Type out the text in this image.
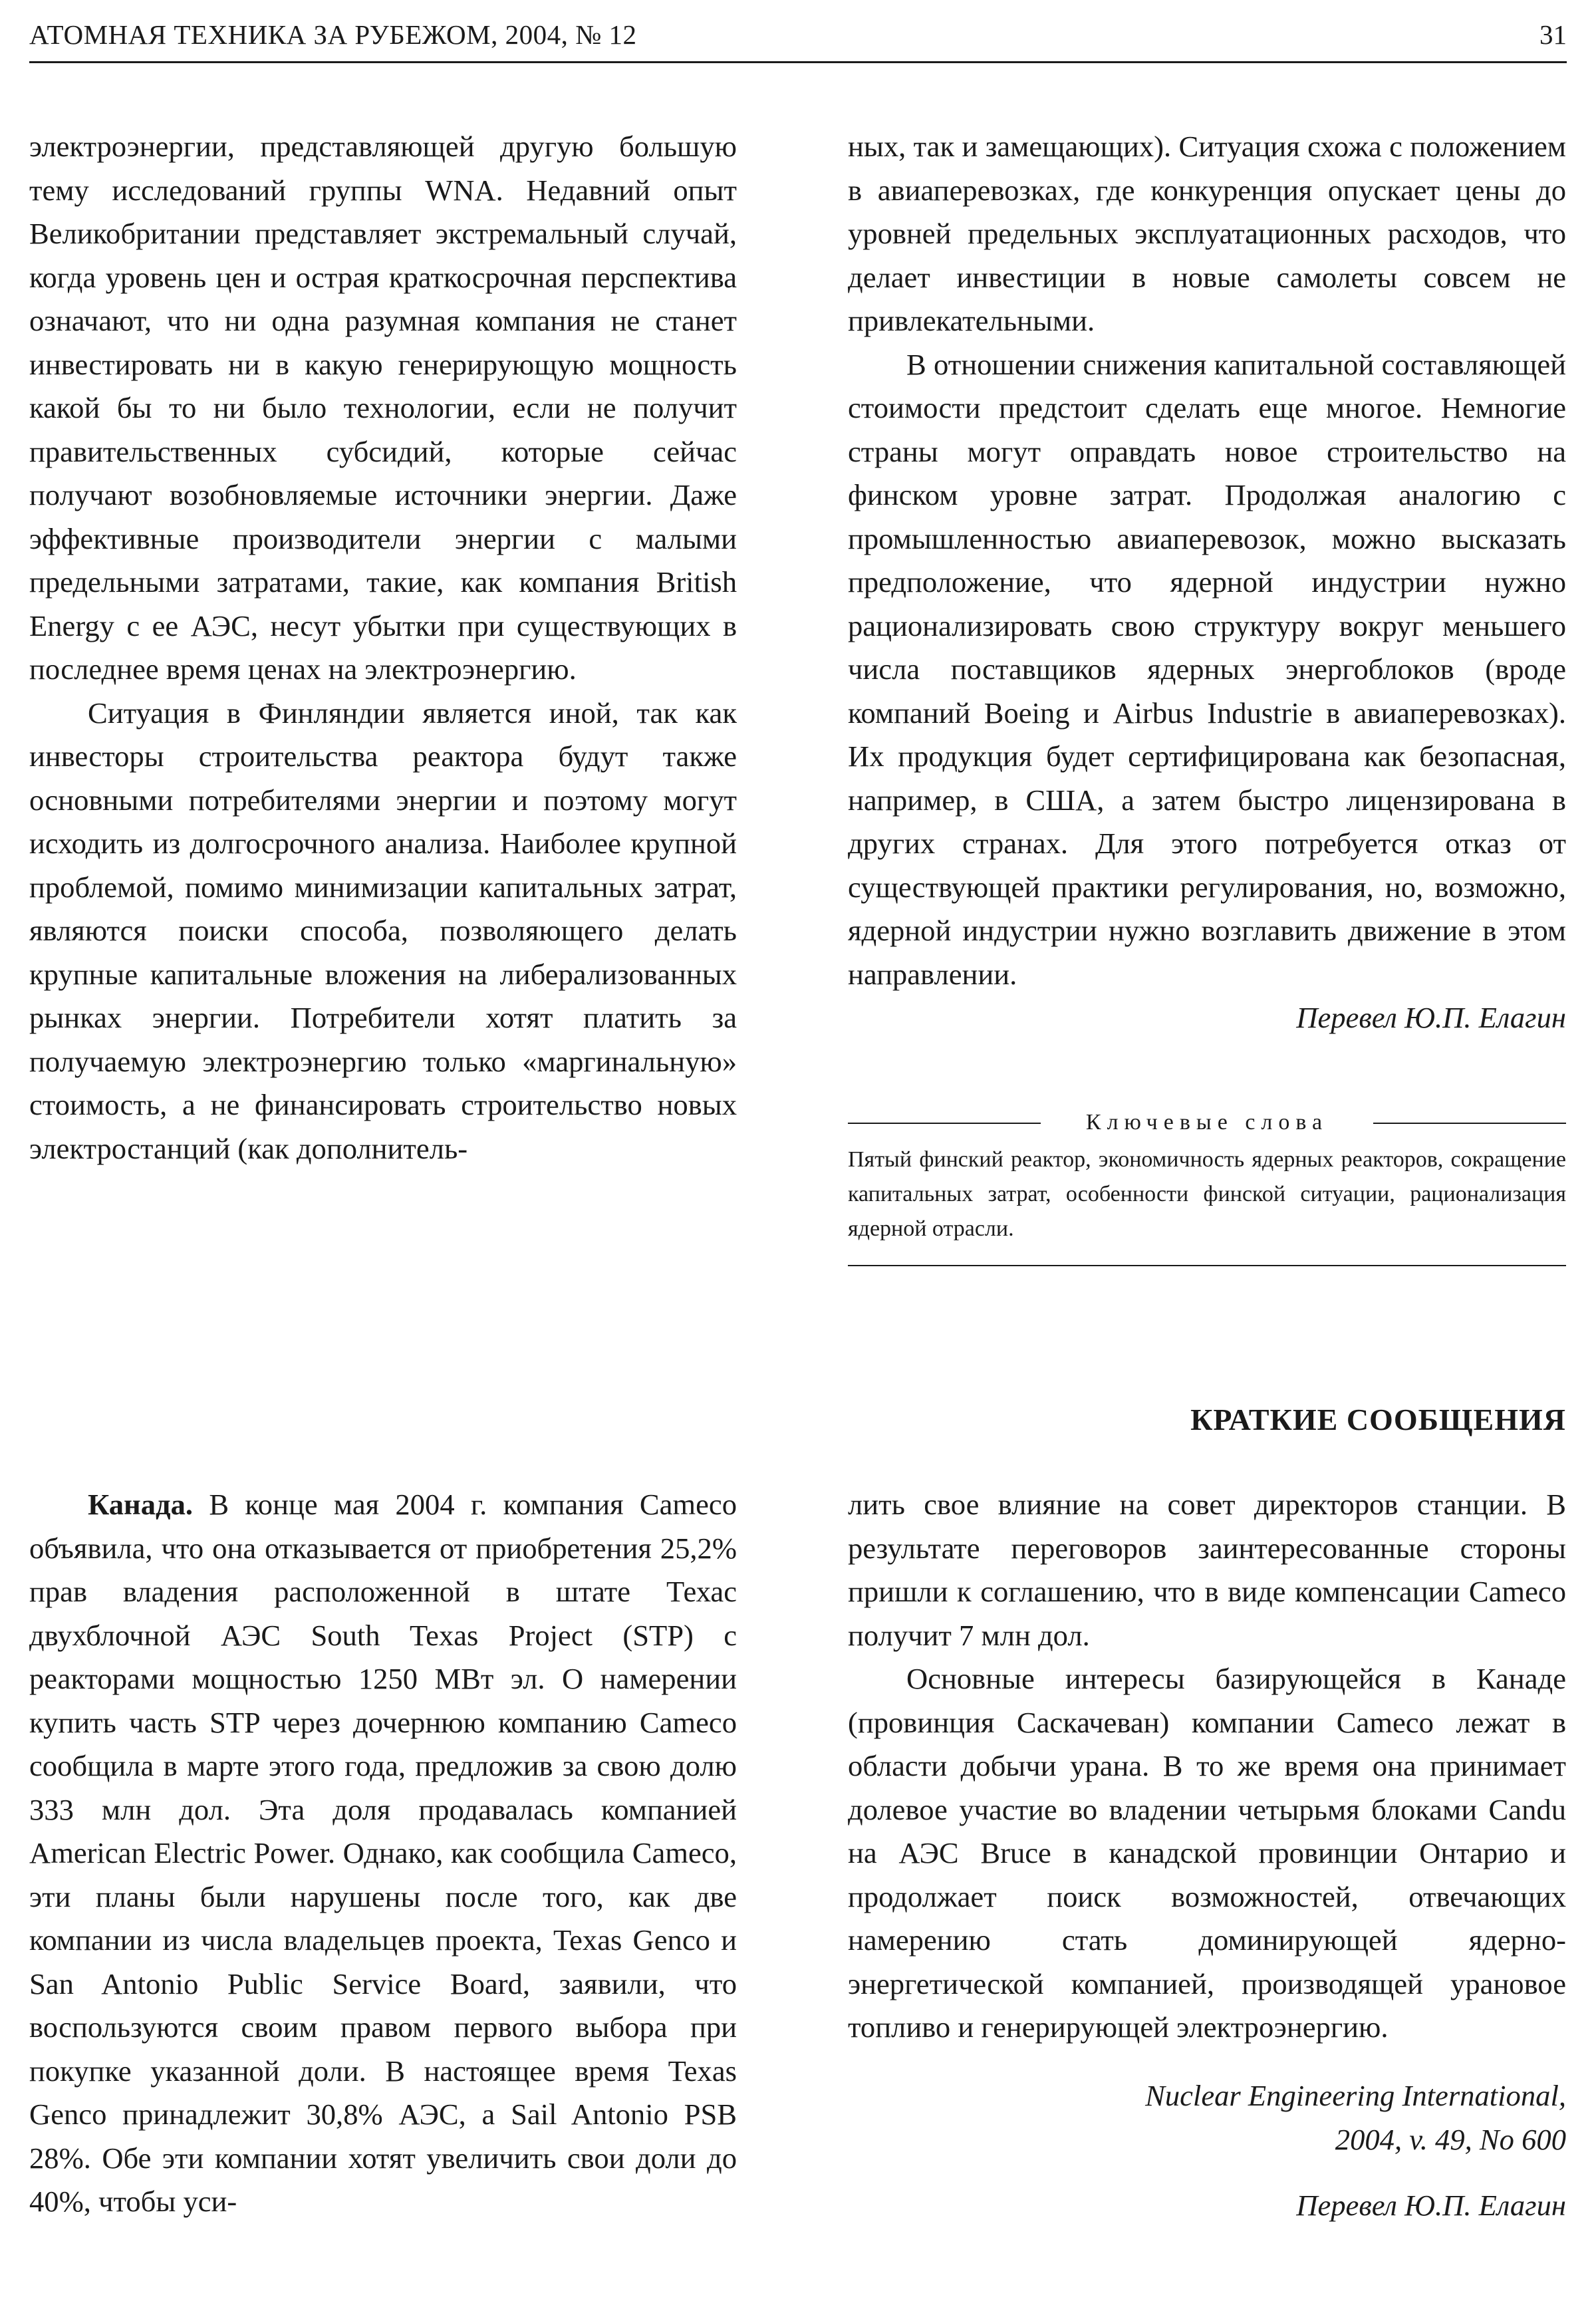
АТОМНАЯ ТЕХНИКА ЗА РУБЕЖОМ, 2004, № 12	31

электроэнергии, представляющей другую большую тему исследований группы WNA. Недавний опыт Великобритании представляет экстремальный случай, когда уровень цен и острая краткосрочная перспектива означают, что ни одна разумная компания не станет инвестировать ни в какую генерирующую мощность какой бы то ни было технологии, если не получит правительственных субсидий, которые сейчас получают возобновляемые источники энергии. Даже эффективные производители энергии с малыми предельными затратами, такие, как компания British Energy с ее АЭС, несут убытки при существующих в последнее время ценах на электроэнергию.

Ситуация в Финляндии является иной, так как инвесторы строительства реактора будут также основными потребителями энергии и поэтому могут исходить из долгосрочного анализа. Наиболее крупной проблемой, помимо минимизации капитальных затрат, являются поиски способа, позволяющего делать крупные капитальные вложения на либерализованных рынках энергии. Потребители хотят платить за получаемую электроэнергию только «маргинальную» стоимость, а не финансировать строительство новых электростанций (как дополнитель-

ных, так и замещающих). Ситуация схожа с положением в авиаперевозках, где конкуренция опускает цены до уровней предельных эксплуатационных расходов, что делает инвестиции в новые самолеты совсем не привлекательными.

В отношении снижения капитальной составляющей стоимости предстоит сделать еще многое. Немногие страны могут оправдать новое строительство на финском уровне затрат. Продолжая аналогию с промышленностью авиаперевозок, можно высказать предположение, что ядерной индустрии нужно рационализировать свою структуру вокруг меньшего числа поставщиков ядерных энергоблоков (вроде компаний Boeing и Airbus Industrie в авиаперевозках). Их продукция будет сертифицирована как безопасная, например, в США, а затем быстро лицензирована в других странах. Для этого потребуется отказ от существующей практики регулирования, но, возможно, ядерной индустрии нужно возглавить движение в этом направлении.

Перевел Ю.П. Елагин

Ключевые слова
Пятый финский реактор, экономичность ядерных реакторов, сокращение капитальных затрат, особенности финской ситуации, рационализация ядерной отрасли.
КРАТКИЕ СООБЩЕНИЯ

Канада. В конце мая 2004 г. компания Cameco объявила, что она отказывается от приобретения 25,2% прав владения расположенной в штате Техас двухблочной АЭС South Texas Project (STP) с реакторами мощностью 1250 МВт эл. О намерении купить часть STP через дочернюю компанию Cameco сообщила в марте этого года, предложив за свою долю 333 млн дол. Эта доля продавалась компанией American Electric Power. Однако, как сообщила Cameco, эти планы были нарушены после того, как две компании из числа владельцев проекта, Texas Genco и San Antonio Public Service Board, заявили, что воспользуются своим правом первого выбора при покупке указанной доли. В настоящее время Texas Genco принадлежит 30,8% АЭС, а Sail Antonio PSB 28%. Обе эти компании хотят увеличить свои доли до 40%, чтобы уси-

лить свое влияние на совет директоров станции. В результате переговоров заинтересованные стороны пришли к соглашению, что в виде компенсации Cameco получит 7 млн дол.

Основные интересы базирующейся в Канаде (провинция Саскачеван) компании Cameco лежат в области добычи урана. В то же время она принимает долевое участие во владении четырьмя блоками Candu на АЭС Bruce в канадской провинции Онтарио и продолжает поиск возможностей, отвечающих намерению стать доминирующей ядерно-энергетической компанией, производящей урановое топливо и генерирующей электроэнергию.

Nuclear Engineering International,
2004, v. 49, No 600
Перевел Ю.П. Елагин
